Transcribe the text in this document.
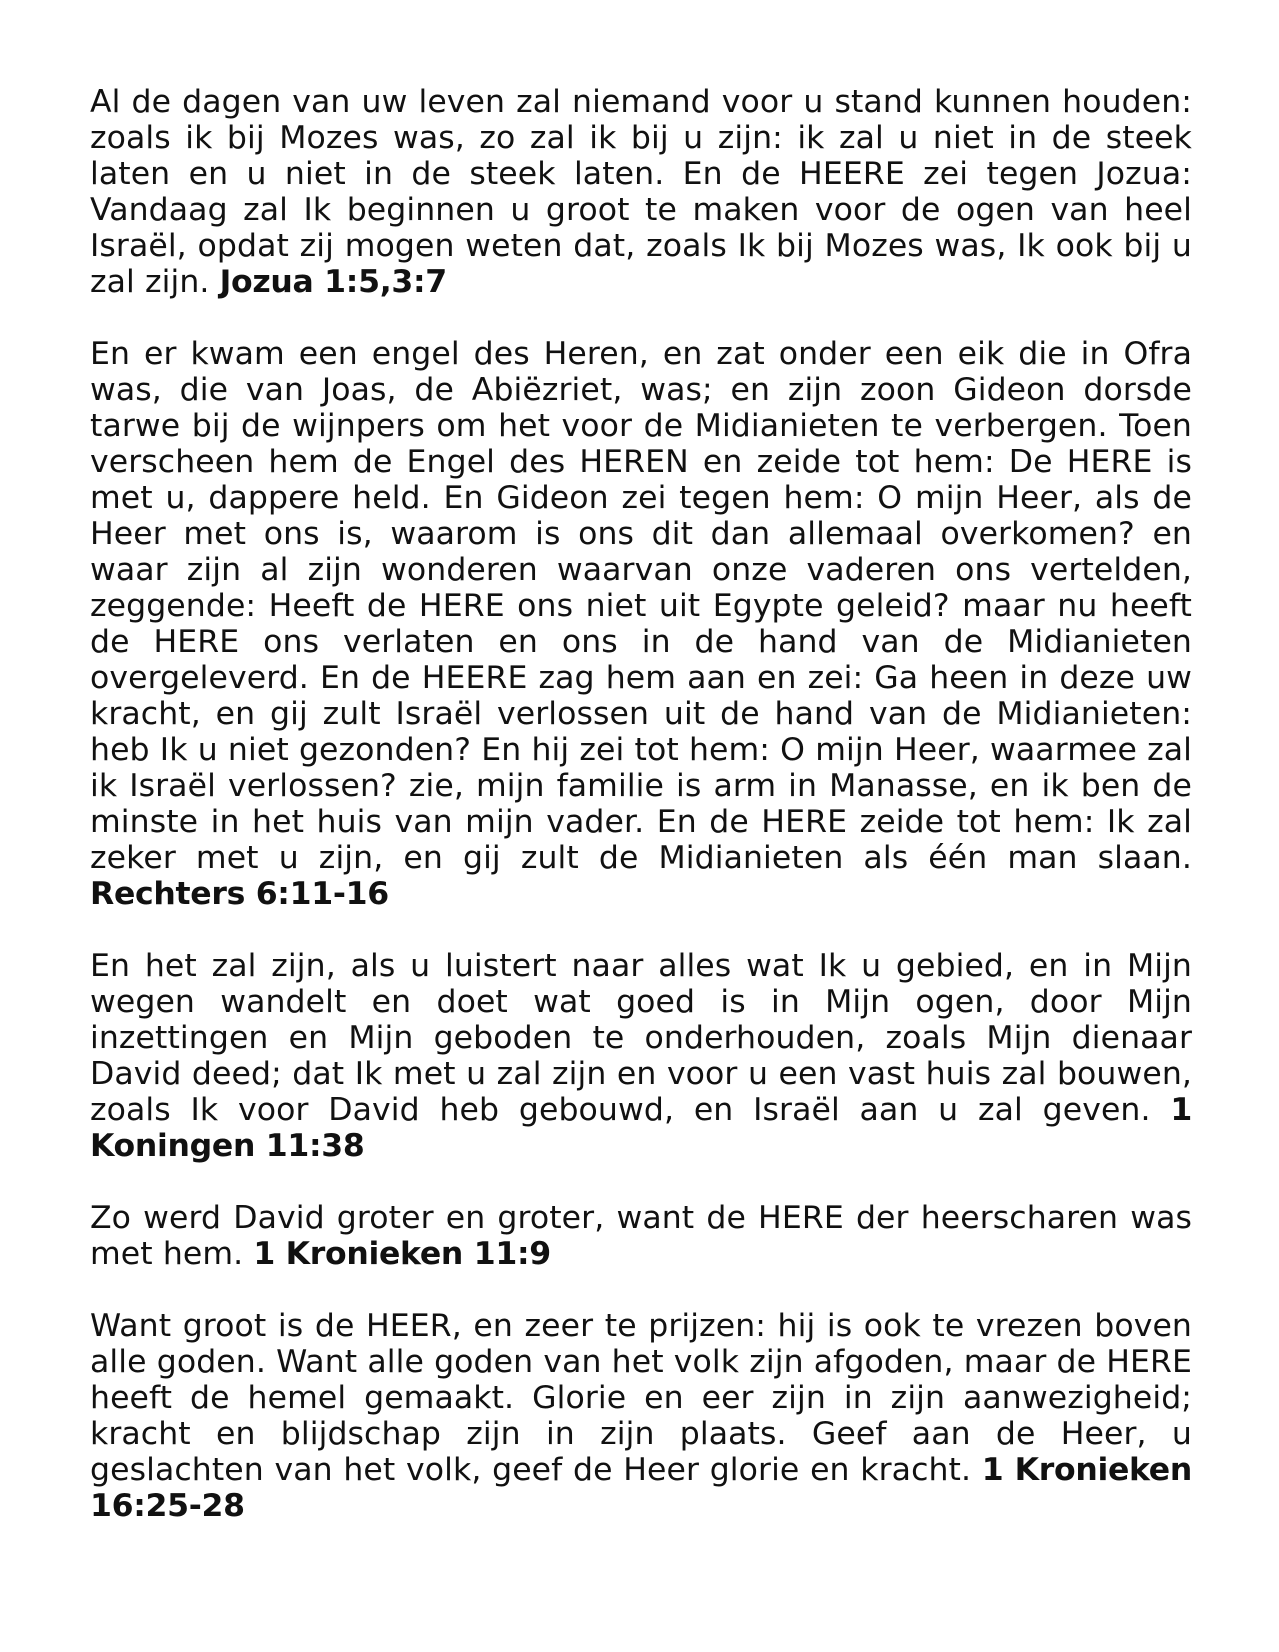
Al de dagen van uw leven zal niemand voor u stand kunnen houden: zoals ik bij Mozes was, zo zal ik bij u zijn: ik zal u niet in de steek laten en u niet in de steek laten. En de HEERE zei tegen Jozua: Vandaag zal Ik beginnen u groot te maken voor de ogen van heel Israël, opdat zij mogen weten dat, zoals Ik bij Mozes was, Ik ook bij u zal zijn. Jozua 1:5,3:7

En er kwam een engel des Heren, en zat onder een eik die in Ofra was, die van Joas, de Abiëzriet, was; en zijn zoon Gideon dorsde tarwe bij de wijnpers om het voor de Midianieten te verbergen. Toen verscheen hem de Engel des HEREN en zeide tot hem: De HERE is met u, dappere held. En Gideon zei tegen hem: O mijn Heer, als de Heer met ons is, waarom is ons dit dan allemaal overkomen? en waar zijn al zijn wonderen waarvan onze vaderen ons vertelden, zeggende: Heeft de HERE ons niet uit Egypte geleid? maar nu heeft de HERE ons verlaten en ons in de hand van de Midianieten overgeleverd. En de HEERE zag hem aan en zei: Ga heen in deze uw kracht, en gij zult Israël verlossen uit de hand van de Midianieten: heb Ik u niet gezonden? En hij zei tot hem: O mijn Heer, waarmee zal ik Israël verlossen? zie, mijn familie is arm in Manasse, en ik ben de minste in het huis van mijn vader. En de HERE zeide tot hem: Ik zal zeker met u zijn, en gij zult de Midianieten als één man slaan. Rechters 6:11-16

En het zal zijn, als u luistert naar alles wat Ik u gebied, en in Mijn wegen wandelt en doet wat goed is in Mijn ogen, door Mijn inzettingen en Mijn geboden te onderhouden, zoals Mijn dienaar David deed; dat Ik met u zal zijn en voor u een vast huis zal bouwen, zoals Ik voor David heb gebouwd, en Israël aan u zal geven. 1 Koningen 11:38

Zo werd David groter en groter, want de HERE der heerscharen was met hem. 1 Kronieken 11:9

Want groot is de HEER, en zeer te prijzen: hij is ook te vrezen boven alle goden. Want alle goden van het volk zijn afgoden, maar de HERE heeft de hemel gemaakt. Glorie en eer zijn in zijn aanwezigheid; kracht en blijdschap zijn in zijn plaats. Geef aan de Heer, u geslachten van het volk, geef de Heer glorie en kracht. 1 Kronieken 16:25-28
